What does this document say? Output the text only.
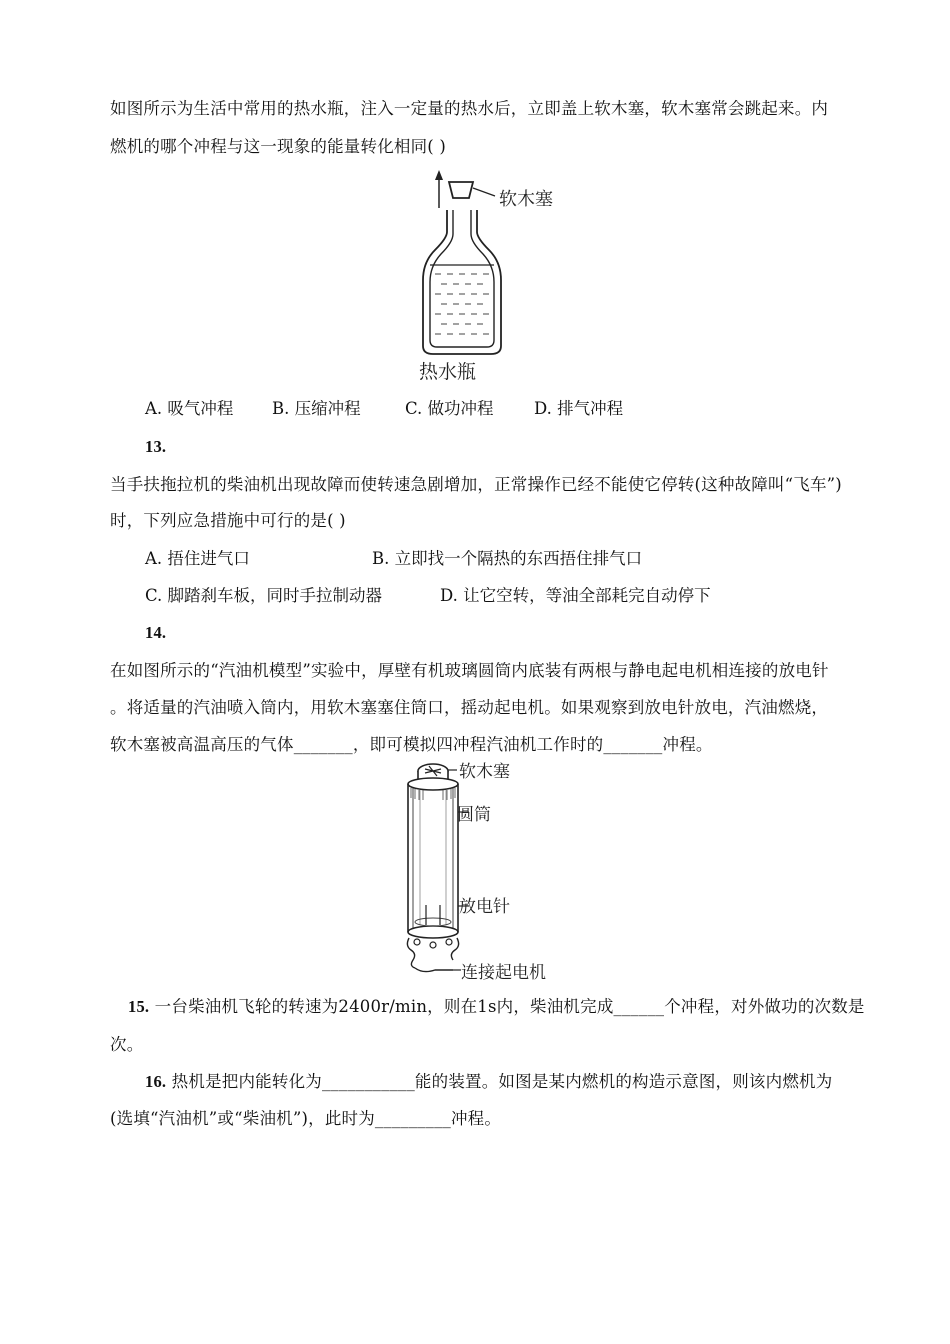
如图所示为生活中常用的热水瓶，注入一定量的热水后，立即盖上软木塞，软木塞常会跳起来。内
燃机的哪个冲程与这一现象的能量转化相同( )
软木塞
热水瓶
A. 吸气冲程 B. 压缩冲程	C. 做功冲程 D. 排气冲程
13.
当手扶拖拉机的柴油机出现故障而使转速急剧增加，正常操作已经不能使它停转(这种故障叫“飞车”)
时，下列应急措施中可行的是( )
A. 捂住进气口	B. 立即找一个隔热的东西捂住排气口
C. 脚踏刹车板，同时手拉制动器	D. 让它空转，等油全部耗完自动停下
14.
在如图所示的“汽油机模型”实验中，厚壁有机玻璃圆筒内底装有两根与静电起电机相连接的放电针
。将适量的汽油喷入筒内，用软木塞塞住筒口，摇动起电机。如果观察到放电针放电，汽油燃烧，
软木塞被高温高压的气体_______，即可模拟四冲程汽油机工作时的_______冲程。
软木塞
圆筒
放电针
连接起电机
15. 一台柴油机飞轮的转速为2400r/min，则在1s内，柴油机完成______个冲程，对外做功的次数是
次。
16. 热机是把内能转化为___________能的装置。如图是某内燃机的构造示意图，则该内燃机为
(选填“汽油机”或“柴油机”)，此时为_________冲程。
